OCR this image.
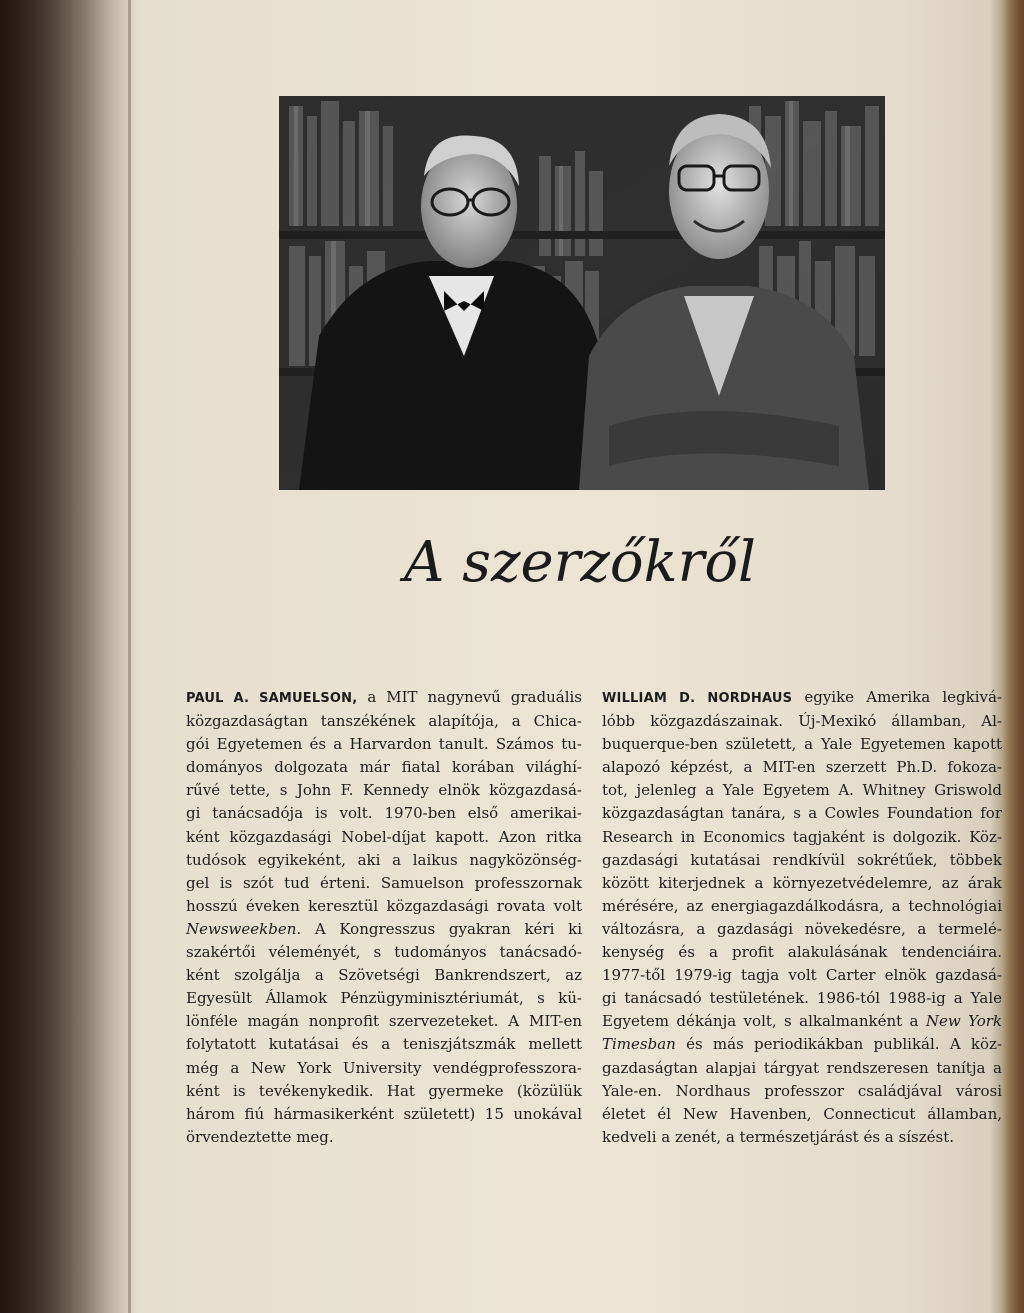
A szerzőkről
PAUL A. SAMUELSON, a MIT nagynevű graduális
közgazdaságtan tanszékének alapítója, a Chica-
gói Egyetemen és a Harvardon tanult. Számos tu-
dományos dolgozata már fiatal korában világhí-
rűvé tette, s John F. Kennedy elnök közgazdasá-
gi tanácsadója is volt. 1970-ben első amerikai-
ként közgazdasági Nobel-díjat kapott. Azon ritka
tudósok egyikeként, aki a laikus nagyközönség-
gel is szót tud érteni. Samuelson professzornak
hosszú éveken keresztül közgazdasági rovata volt
Newsweekben. A Kongresszus gyakran kéri ki
szakértői véleményét, s tudományos tanácsadó-
ként szolgálja a Szövetségi Bankrendszert, az
Egyesült Államok Pénzügyminisztériumát, s kü-
lönféle magán nonprofit szervezeteket. A MIT-en
folytatott kutatásai és a teniszjátszmák mellett
még a New York University vendégprofesszora-
ként is tevékenykedik. Hat gyermeke (közülük
három fiú hármasikerként született) 15 unokával
örvendeztette meg.
WILLIAM D. NORDHAUS egyike Amerika legkivá-
lóbb közgazdászainak. Új-Mexikó államban, Al-
buquerque-ben született, a Yale Egyetemen kapott
alapozó képzést, a MIT-en szerzett Ph.D. fokoza-
tot, jelenleg a Yale Egyetem A. Whitney Griswold
közgazdaságtan tanára, s a Cowles Foundation for
Research in Economics tagjaként is dolgozik. Köz-
gazdasági kutatásai rendkívül sokrétűek, többek
között kiterjednek a környezetvédelemre, az árak
mérésére, az energiagazdálkodásra, a technológiai
változásra, a gazdasági növekedésre, a termelé-
kenység és a profit alakulásának tendenciáira.
1977-től 1979-ig tagja volt Carter elnök gazdasá-
gi tanácsadó testületének. 1986-tól 1988-ig a Yale
Egyetem dékánja volt, s alkalmanként a New York
Timesban és más periodikákban publikál. A köz-
gazdaságtan alapjai tárgyat rendszeresen tanítja a
Yale-en. Nordhaus professzor családjával városi
életet él New Havenben, Connecticut államban,
kedveli a zenét, a természetjárást és a síszést.
